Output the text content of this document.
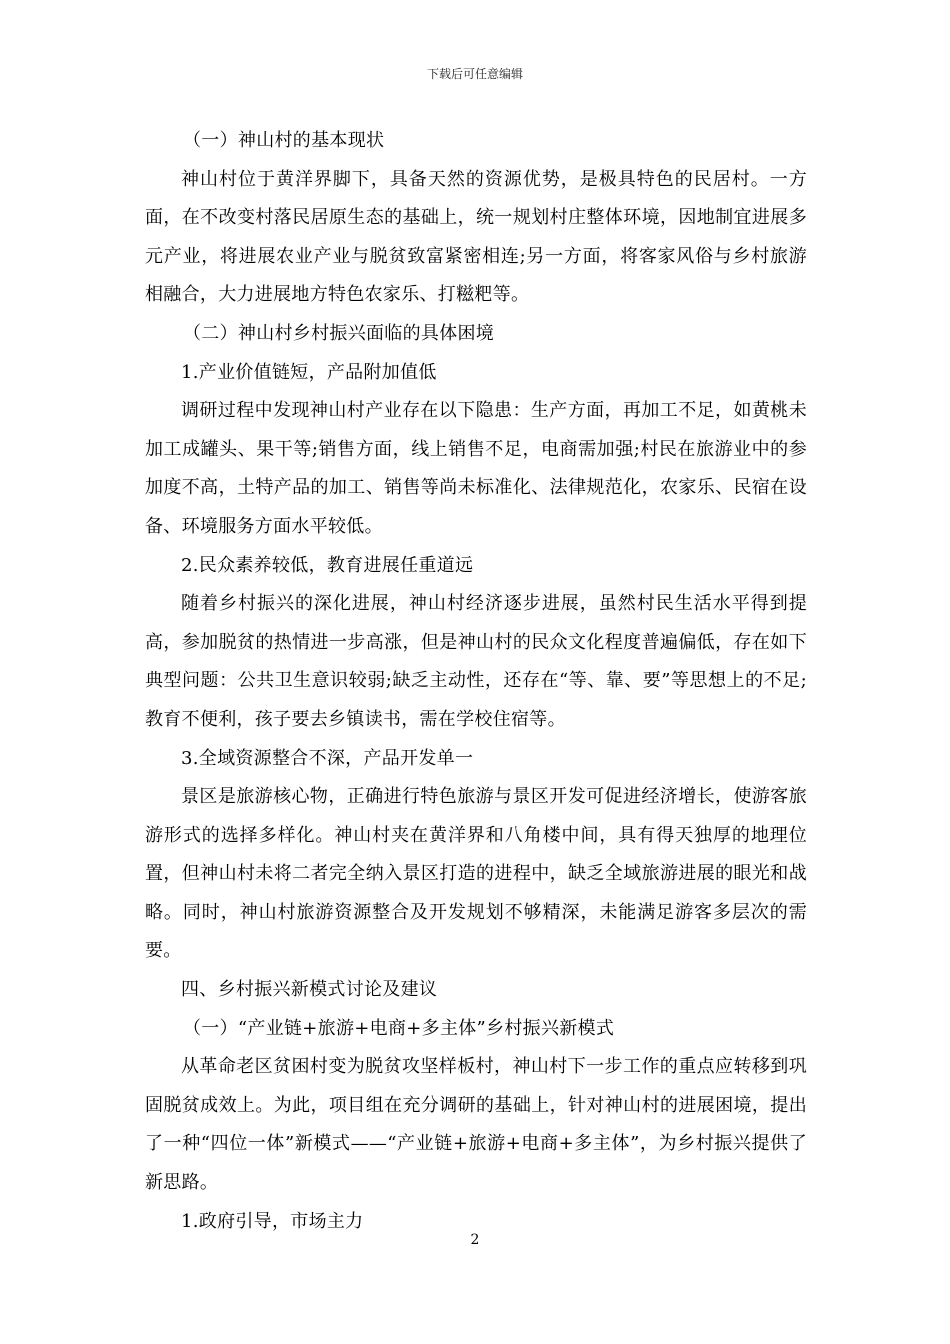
下载后可任意编辑

（一）神山村的基本现状

神山村位于黄洋界脚下，具备天然的资源优势，是极具特色的民居村。一方面，在不改变村落民居原生态的基础上，统一规划村庄整体环境，因地制宜进展多元产业，将进展农业产业与脱贫致富紧密相连;另一方面，将客家风俗与乡村旅游相融合，大力进展地方特色农家乐、打糍粑等。

（二）神山村乡村振兴面临的具体困境

1.产业价值链短，产品附加值低

调研过程中发现神山村产业存在以下隐患：生产方面，再加工不足，如黄桃未加工成罐头、果干等;销售方面，线上销售不足，电商需加强;村民在旅游业中的参加度不高，土特产品的加工、销售等尚未标准化、法律规范化，农家乐、民宿在设备、环境服务方面水平较低。

2.民众素养较低，教育进展任重道远

随着乡村振兴的深化进展，神山村经济逐步进展，虽然村民生活水平得到提高，参加脱贫的热情进一步高涨，但是神山村的民众文化程度普遍偏低，存在如下典型问题：公共卫生意识较弱;缺乏主动性，还存在“等、靠、要”等思想上的不足;教育不便利，孩子要去乡镇读书，需在学校住宿等。

3.全域资源整合不深，产品开发单一

景区是旅游核心物，正确进行特色旅游与景区开发可促进经济增长，使游客旅游形式的选择多样化。神山村夹在黄洋界和八角楼中间，具有得天独厚的地理位置，但神山村未将二者完全纳入景区打造的进程中，缺乏全域旅游进展的眼光和战略。同时，神山村旅游资源整合及开发规划不够精深，未能满足游客多层次的需要。

四、乡村振兴新模式讨论及建议

（一）“产业链+旅游+电商+多主体”乡村振兴新模式

从革命老区贫困村变为脱贫攻坚样板村，神山村下一步工作的重点应转移到巩固脱贫成效上。为此，项目组在充分调研的基础上，针对神山村的进展困境，提出了一种“四位一体”新模式——“产业链+旅游+电商+多主体”，为乡村振兴提供了新思路。

1.政府引导，市场主力

2
